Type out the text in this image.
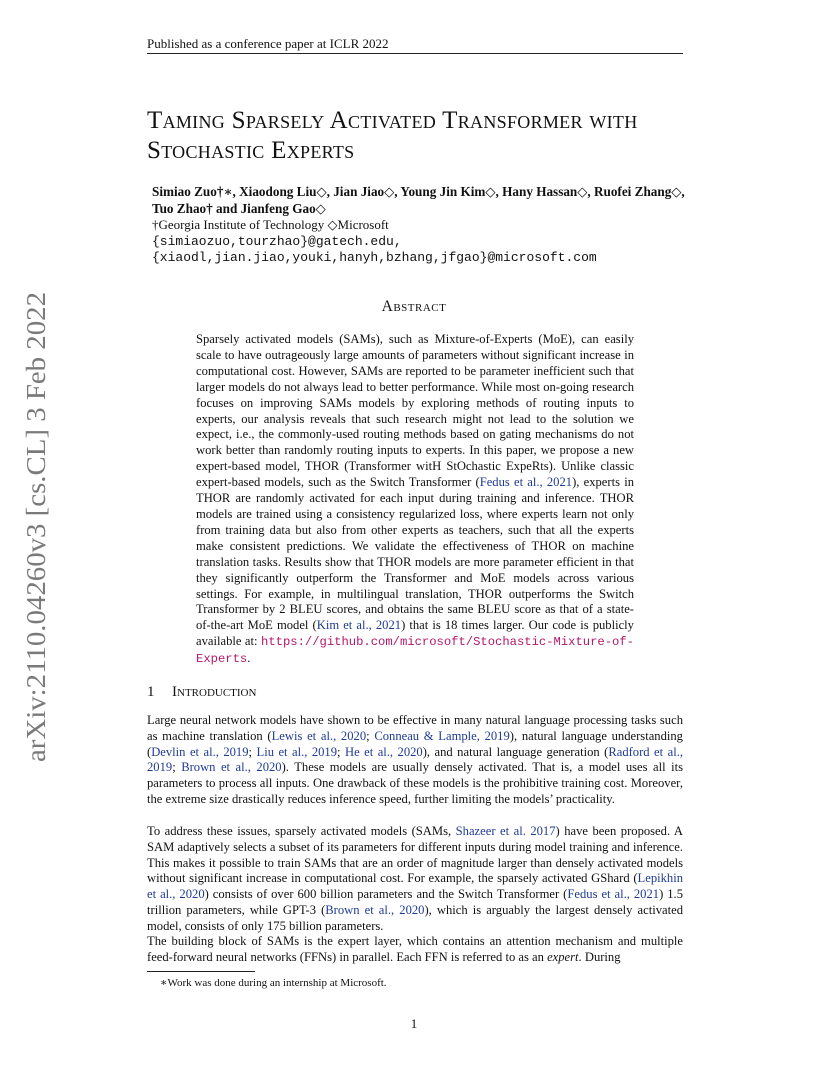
Published as a conference paper at ICLR 2022
arXiv:2110.04260v3 [cs.CL] 3 Feb 2022
Taming Sparsely Activated Transformer with
Stochastic Experts
Simiao Zuo†∗, Xiaodong Liu◇, Jian Jiao◇, Young Jin Kim◇, Hany Hassan◇, Ruofei Zhang◇,
Tuo Zhao† and Jianfeng Gao◇
†Georgia Institute of Technology ◇Microsoft
{simiaozuo,tourzhao}@gatech.edu,
{xiaodl,jian.jiao,youki,hanyh,bzhang,jfgao}@microsoft.com
Abstract
Sparsely activated models (SAMs), such as Mixture-of-Experts (MoE), can easily scale to have outrageously large amounts of parameters without significant increase in computational cost. However, SAMs are reported to be parameter inefficient such that larger models do not always lead to better performance. While most on-going research focuses on improving SAMs models by exploring methods of routing inputs to experts, our analysis reveals that such research might not lead to the solution we expect, i.e., the commonly-used routing methods based on gating mechanisms do not work better than randomly routing inputs to experts. In this paper, we propose a new expert-based model, THOR (Transformer witH StOchastic ExpeRts). Unlike classic expert-based models, such as the Switch Transformer (Fedus et al., 2021), experts in THOR are randomly activated for each input during training and inference. THOR models are trained using a consistency regularized loss, where experts learn not only from training data but also from other experts as teachers, such that all the experts make consistent predictions. We validate the effectiveness of THOR on machine translation tasks. Results show that THOR models are more parameter efficient in that they significantly outperform the Transformer and MoE models across various settings. For example, in multilingual translation, THOR outperforms the Switch Transformer by 2 BLEU scores, and obtains the same BLEU score as that of a state-of-the-art MoE model (Kim et al., 2021) that is 18 times larger. Our code is publicly available at: https://github.com/microsoft/Stochastic-Mixture-of-Experts.
1 Introduction
Large neural network models have shown to be effective in many natural language processing tasks such as machine translation (Lewis et al., 2020; Conneau & Lample, 2019), natural language understanding (Devlin et al., 2019; Liu et al., 2019; He et al., 2020), and natural language generation (Radford et al., 2019; Brown et al., 2020). These models are usually densely activated. That is, a model uses all its parameters to process all inputs. One drawback of these models is the prohibitive training cost. Moreover, the extreme size drastically reduces inference speed, further limiting the models’ practicality.
To address these issues, sparsely activated models (SAMs, Shazeer et al. 2017) have been proposed. A SAM adaptively selects a subset of its parameters for different inputs during model training and inference. This makes it possible to train SAMs that are an order of magnitude larger than densely activated models without significant increase in computational cost. For example, the sparsely activated GShard (Lepikhin et al., 2020) consists of over 600 billion parameters and the Switch Transformer (Fedus et al., 2021) 1.5 trillion parameters, while GPT-3 (Brown et al., 2020), which is arguably the largest densely activated model, consists of only 175 billion parameters.
The building block of SAMs is the expert layer, which contains an attention mechanism and multiple feed-forward neural networks (FFNs) in parallel. Each FFN is referred to as an expert. During
∗Work was done during an internship at Microsoft.
1
